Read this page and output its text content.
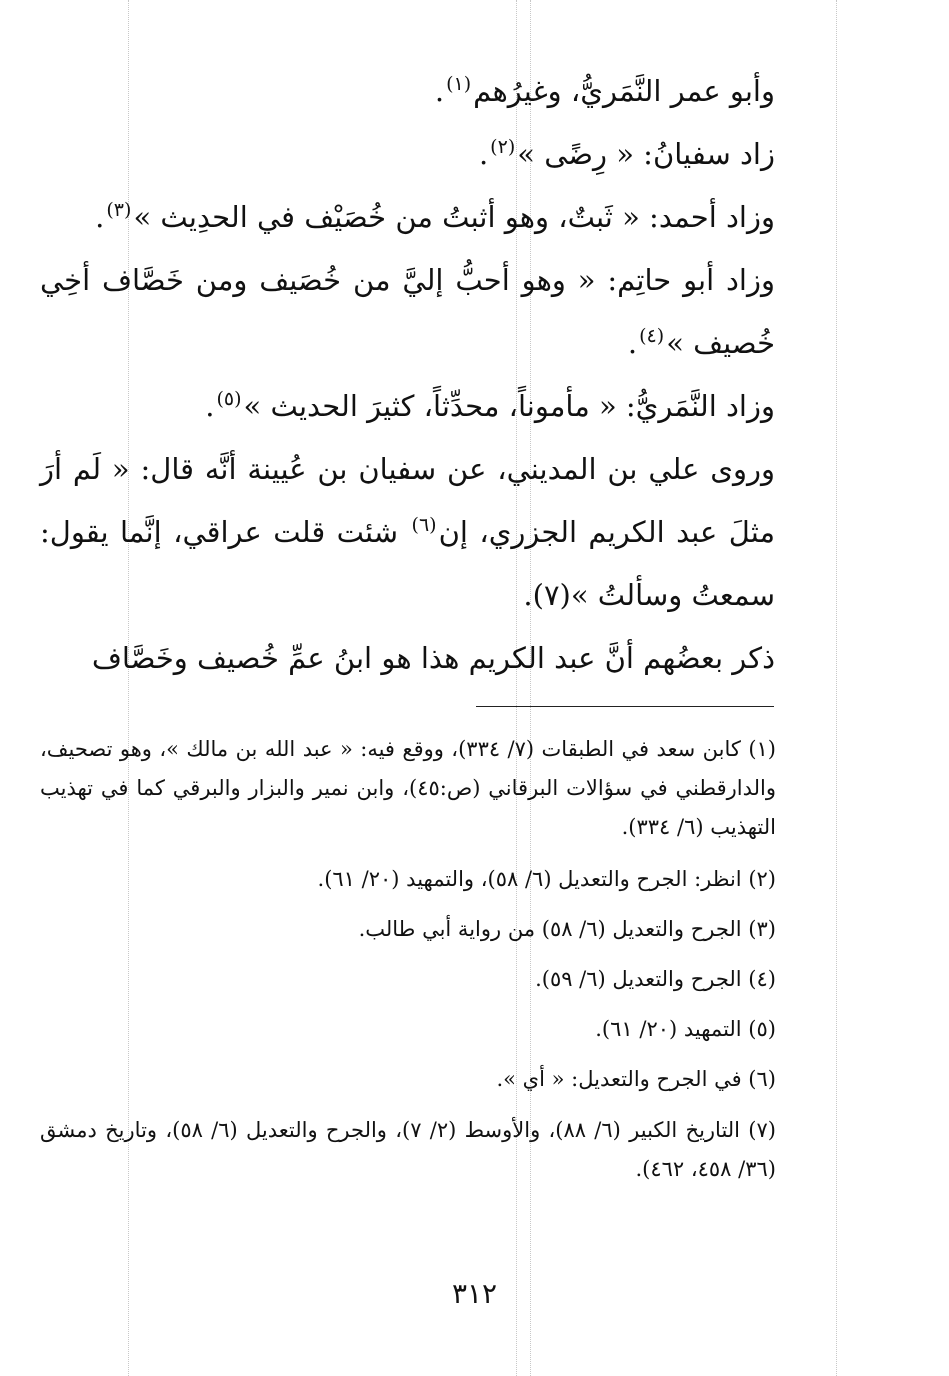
وأبو عمر النَّمَريُّ، وغيرُهم$^{(١)}$.

زاد سفيانُ: « رِضًى »$^{(٢)}$.

وزاد أحمد: « ثَبتٌ، وهو أثبتُ من خُصَيْف في الحدِيث »$^{(٣)}$.

وزاد أبو حاتِم: « وهو أحبُّ إليَّ من خُصَيف ومن خَصَّاف أخِي خُصيف »$^{(٤)}$.

وزاد النَّمَريُّ: « مأموناً، محدِّثاً، كثيرَ الحديث »$^{(٥)}$.

وروى علي بن المديني، عن سفيان بن عُيينة أنَّه قال: « لَم أرَ مثلَ عبد الكريم الجزري، إن$^{(٦)}$ شئت قلت عراقي، إنَّما يقول: سمعتُ وسألتُ »(٧).

ذكر بعضُهم أنَّ عبد الكريم هذا هو ابنُ عمِّ خُصيف وخَصَّاف

(١) كابن سعد في الطبقات (٧/ ٣٣٤)، ووقع فيه: « عبد الله بن مالك »، وهو تصحيف، والدارقطني في سؤالات البرقاني (ص:٤٥)، وابن نمير والبزار والبرقي كما في تهذيب التهذيب (٦/ ٣٣٤).

(٢) انظر: الجرح والتعديل (٦/ ٥٨)، والتمهيد (٢٠/ ٦١).

(٣) الجرح والتعديل (٦/ ٥٨) من رواية أبي طالب.

(٤) الجرح والتعديل (٦/ ٥٩).

(٥) التمهيد (٢٠/ ٦١).

(٦) في الجرح والتعديل: « أي ».

(٧) التاريخ الكبير (٦/ ٨٨)، والأوسط (٢/ ٧)، والجرح والتعديل (٦/ ٥٨)، وتاريخ دمشق (٣٦/ ٤٥٨، ٤٦٢).

٣١٢
